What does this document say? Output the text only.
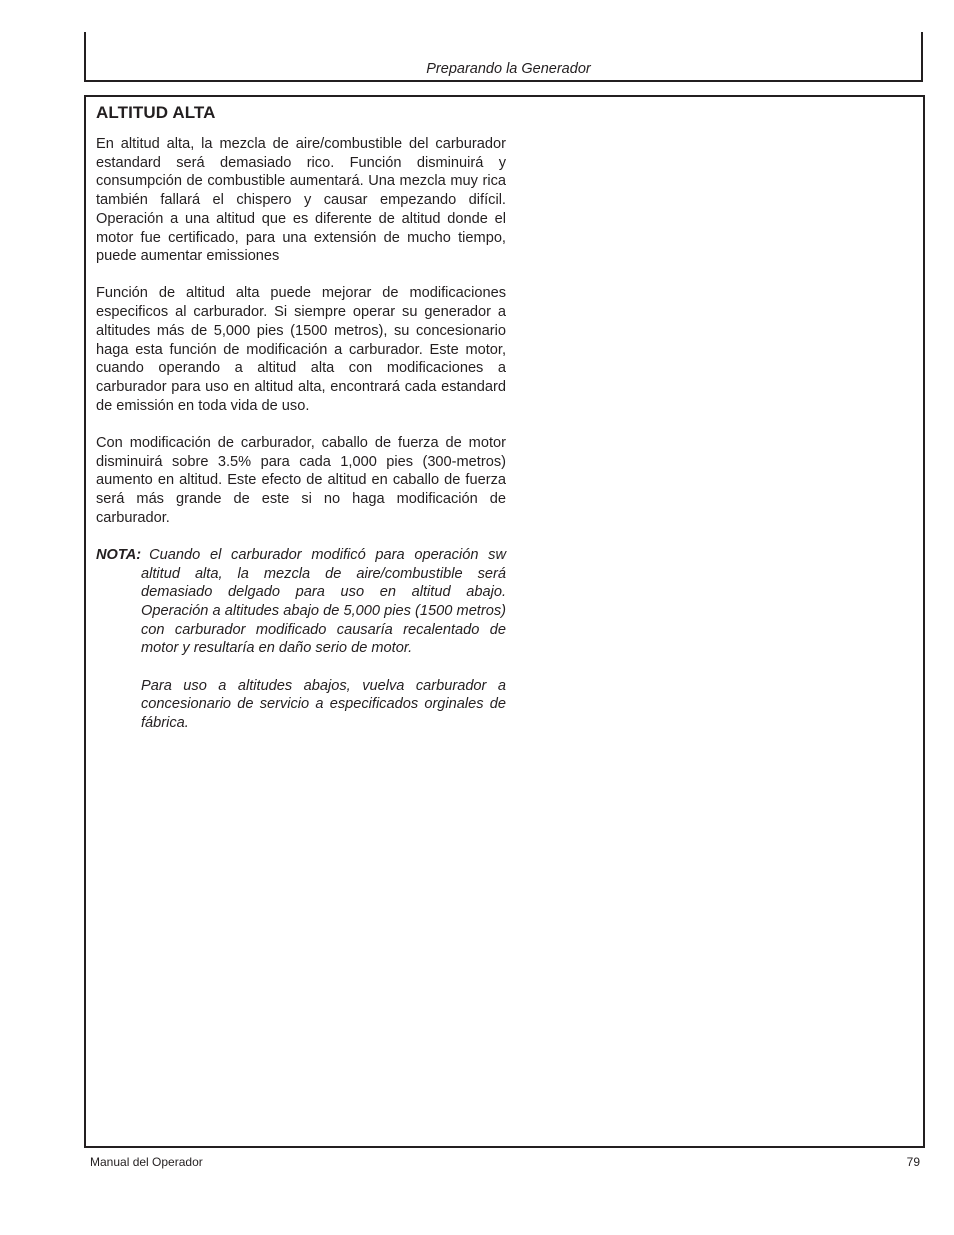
Preparando la Generador
ALTITUD ALTA

En altitud alta, la mezcla de aire/combustible del carburador estandard será demasiado rico. Función disminuirá y consumpción de combustible aumentará. Una mezcla muy rica también fallará el chispero y causar empezando difícil. Operación a una altitud que es diferente de altitud donde el motor fue certificado, para una extensión de mucho tiempo, puede aumentar emissiones

Función de altitud alta puede mejorar de modificaciones especificos al carburador. Si siempre operar su generador a altitudes más de 5,000 pies (1500 metros), su concesionario haga esta función de modificación a carburador. Este motor, cuando operando a altitud alta con modificaciones a carburador para uso en altitud alta, encontrará cada estandard de emissión en toda vida de uso.

Con modificación de carburador, caballo de fuerza de motor disminuirá sobre 3.5% para cada 1,000 pies (300-metros) aumento en altitud. Este efecto de altitud en caballo de fuerza será más grande de este si no haga modificación de carburador.

NOTA: Cuando el carburador modificó para operación sw altitud alta, la mezcla de aire/combustible será demasiado delgado para uso en altitud abajo. Operación a altitudes abajo de 5,000 pies (1500 metros) con carburador modificado causaría recalentado de motor y resultaría en daño serio de motor.

Para uso a altitudes abajos, vuelva carburador a concesionario de servicio a especificados orginales de fábrica.

Manual del Operador	79
